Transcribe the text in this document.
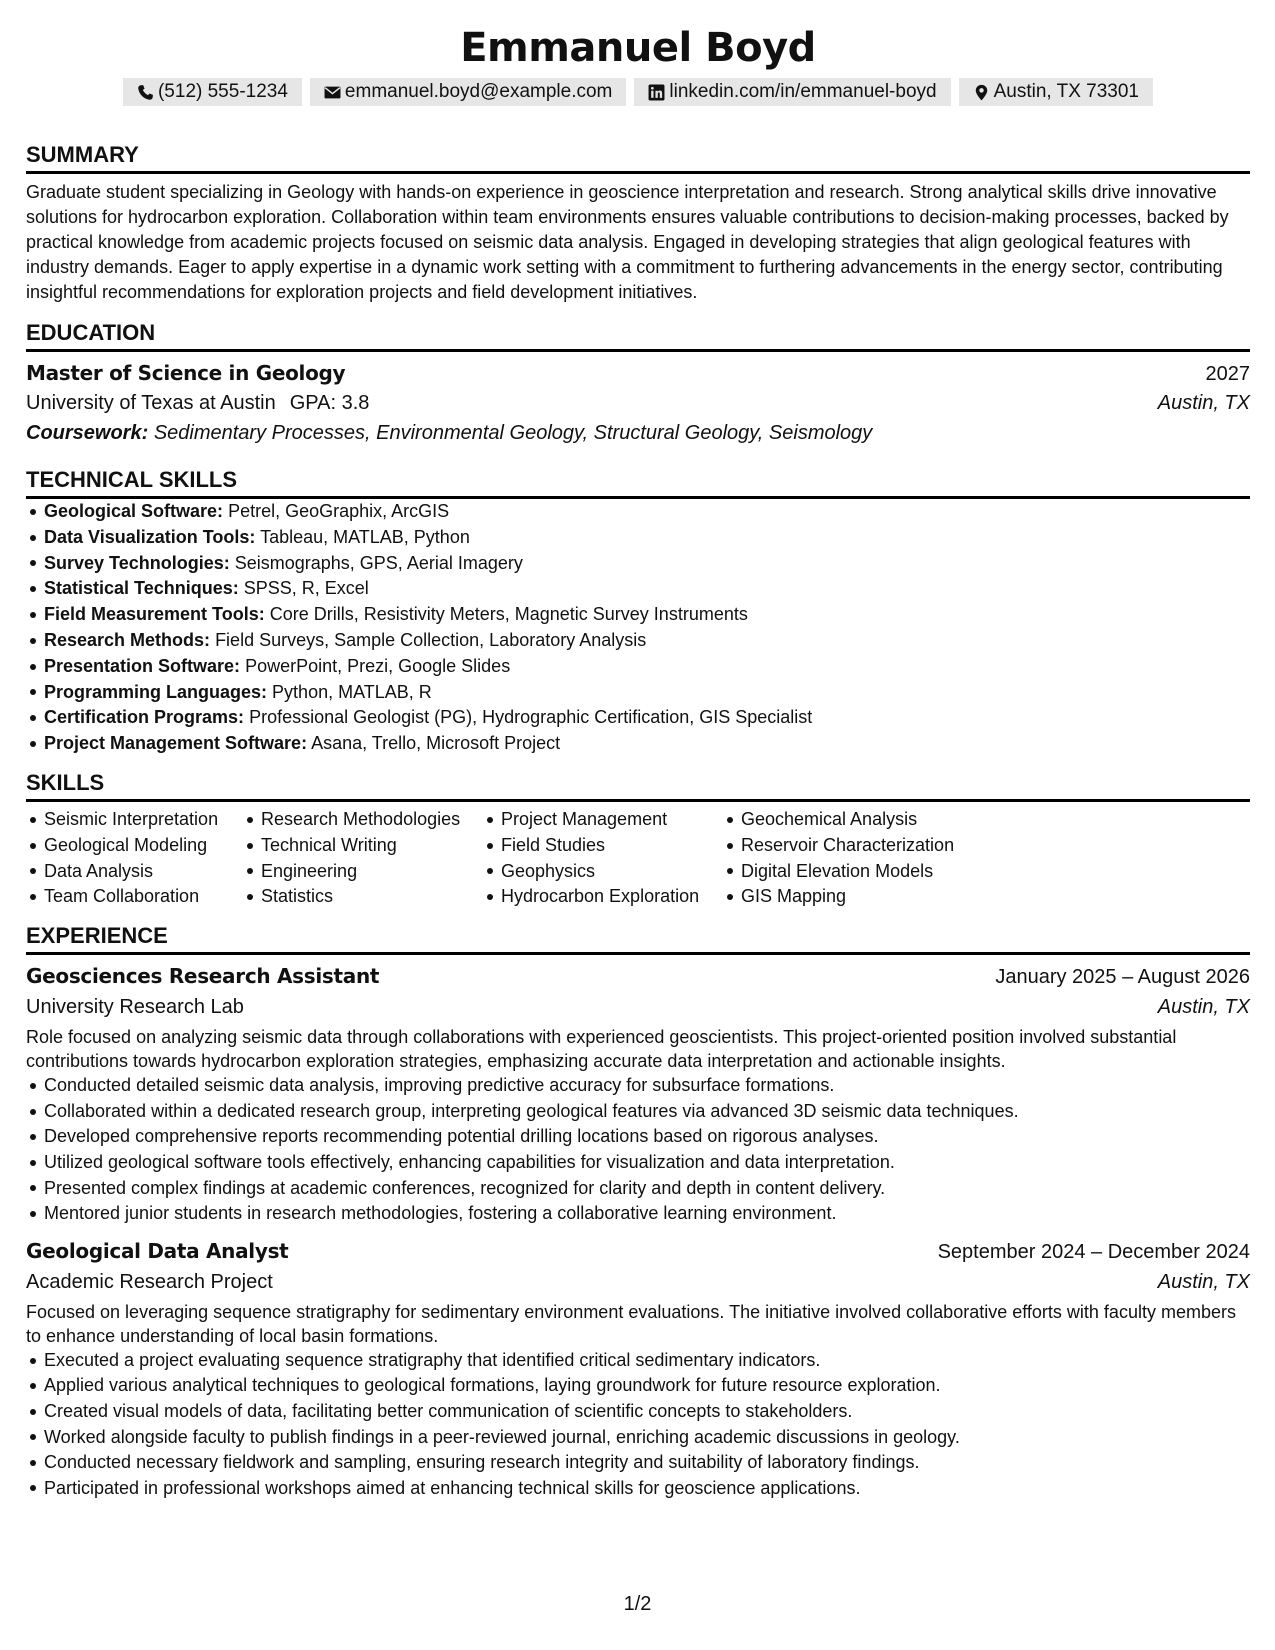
Emmanuel Boyd
(512) 555-1234	emmanuel.boyd@example.com	linkedin.com/in/emmanuel-boyd	Austin, TX 73301
SUMMARY
Graduate student specializing in Geology with hands-on experience in geoscience interpretation and research. Strong analytical skills drive innovative solutions for hydrocarbon exploration. Collaboration within team environments ensures valuable contributions to decision-making processes, backed by practical knowledge from academic projects focused on seismic data analysis. Engaged in developing strategies that align geological features with industry demands. Eager to apply expertise in a dynamic work setting with a commitment to furthering advancements in the energy sector, contributing insightful recommendations for exploration projects and field development initiatives.
EDUCATION
Master of Science in Geology	2027
University of Texas at Austin GPA: 3.8	Austin, TX
Coursework: Sedimentary Processes, Environmental Geology, Structural Geology, Seismology
TECHNICAL SKILLS
Geological Software: Petrel, GeoGraphix, ArcGIS
Data Visualization Tools: Tableau, MATLAB, Python
Survey Technologies: Seismographs, GPS, Aerial Imagery
Statistical Techniques: SPSS, R, Excel
Field Measurement Tools: Core Drills, Resistivity Meters, Magnetic Survey Instruments
Research Methods: Field Surveys, Sample Collection, Laboratory Analysis
Presentation Software: PowerPoint, Prezi, Google Slides
Programming Languages: Python, MATLAB, R
Certification Programs: Professional Geologist (PG), Hydrographic Certification, GIS Specialist
Project Management Software: Asana, Trello, Microsoft Project
SKILLS
Seismic Interpretation
Geological Modeling
Data Analysis
Team Collaboration
Research Methodologies
Technical Writing
Engineering
Statistics
Project Management
Field Studies
Geophysics
Hydrocarbon Exploration
Geochemical Analysis
Reservoir Characterization
Digital Elevation Models
GIS Mapping
EXPERIENCE
Geosciences Research Assistant	January 2025 – August 2026
University Research Lab	Austin, TX
Role focused on analyzing seismic data through collaborations with experienced geoscientists. This project-oriented position involved substantial contributions towards hydrocarbon exploration strategies, emphasizing accurate data interpretation and actionable insights.
Conducted detailed seismic data analysis, improving predictive accuracy for subsurface formations.
Collaborated within a dedicated research group, interpreting geological features via advanced 3D seismic data techniques.
Developed comprehensive reports recommending potential drilling locations based on rigorous analyses.
Utilized geological software tools effectively, enhancing capabilities for visualization and data interpretation.
Presented complex findings at academic conferences, recognized for clarity and depth in content delivery.
Mentored junior students in research methodologies, fostering a collaborative learning environment.
Geological Data Analyst	September 2024 – December 2024
Academic Research Project	Austin, TX
Focused on leveraging sequence stratigraphy for sedimentary environment evaluations. The initiative involved collaborative efforts with faculty members to enhance understanding of local basin formations.
Executed a project evaluating sequence stratigraphy that identified critical sedimentary indicators.
Applied various analytical techniques to geological formations, laying groundwork for future resource exploration.
Created visual models of data, facilitating better communication of scientific concepts to stakeholders.
Worked alongside faculty to publish findings in a peer-reviewed journal, enriching academic discussions in geology.
Conducted necessary fieldwork and sampling, ensuring research integrity and suitability of laboratory findings.
Participated in professional workshops aimed at enhancing technical skills for geoscience applications.
1/2
